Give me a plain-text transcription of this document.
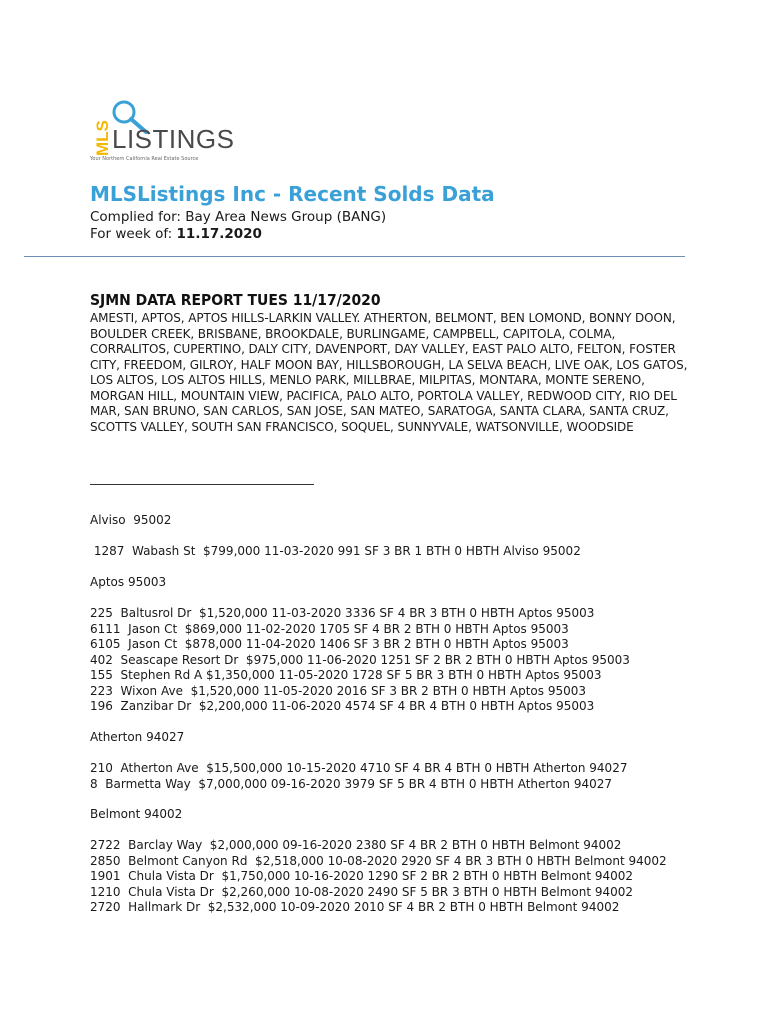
MLS LISTINGS
Your Northern California Real Estate Source
MLSListings Inc - Recent Solds Data
Complied for: Bay Area News Group (BANG)
For week of: 11.17.2020
SJMN DATA REPORT TUES 11/17/2020
AMESTI, APTOS, APTOS HILLS-LARKIN VALLEY. ATHERTON, BELMONT, BEN LOMOND, BONNY DOON, BOULDER CREEK, BRISBANE, BROOKDALE, BURLINGAME, CAMPBELL, CAPITOLA, COLMA, CORRALITOS, CUPERTINO, DALY CITY, DAVENPORT, DAY VALLEY, EAST PALO ALTO, FELTON, FOSTER CITY, FREEDOM, GILROY, HALF MOON BAY, HILLSBOROUGH, LA SELVA BEACH, LIVE OAK, LOS GATOS, LOS ALTOS, LOS ALTOS HILLS, MENLO PARK, MILLBRAE, MILPITAS, MONTARA, MONTE SERENO, MORGAN HILL, MOUNTAIN VIEW, PACIFICA, PALO ALTO, PORTOLA VALLEY, REDWOOD CITY, RIO DEL MAR, SAN BRUNO, SAN CARLOS, SAN JOSE, SAN MATEO, SARATOGA, SANTA CLARA, SANTA CRUZ, SCOTTS VALLEY, SOUTH SAN FRANCISCO, SOQUEL, SUNNYVALE, WATSONVILLE, WOODSIDE
Alviso  95002
1287  Wabash St  $799,000 11-03-2020 991 SF 3 BR 1 BTH 0 HBTH Alviso 95002
Aptos 95003
225  Baltusrol Dr  $1,520,000 11-03-2020 3336 SF 4 BR 3 BTH 0 HBTH Aptos 95003
6111  Jason Ct  $869,000 11-02-2020 1705 SF 4 BR 2 BTH 0 HBTH Aptos 95003
6105  Jason Ct  $878,000 11-04-2020 1406 SF 3 BR 2 BTH 0 HBTH Aptos 95003
402  Seascape Resort Dr  $975,000 11-06-2020 1251 SF 2 BR 2 BTH 0 HBTH Aptos 95003
155  Stephen Rd A $1,350,000 11-05-2020 1728 SF 5 BR 3 BTH 0 HBTH Aptos 95003
223  Wixon Ave  $1,520,000 11-05-2020 2016 SF 3 BR 2 BTH 0 HBTH Aptos 95003
196  Zanzibar Dr  $2,200,000 11-06-2020 4574 SF 4 BR 4 BTH 0 HBTH Aptos 95003
Atherton 94027
210  Atherton Ave  $15,500,000 10-15-2020 4710 SF 4 BR 4 BTH 0 HBTH Atherton 94027
8  Barmetta Way  $7,000,000 09-16-2020 3979 SF 5 BR 4 BTH 0 HBTH Atherton 94027
Belmont 94002
2722  Barclay Way  $2,000,000 09-16-2020 2380 SF 4 BR 2 BTH 0 HBTH Belmont 94002
2850  Belmont Canyon Rd  $2,518,000 10-08-2020 2920 SF 4 BR 3 BTH 0 HBTH Belmont 94002
1901  Chula Vista Dr  $1,750,000 10-16-2020 1290 SF 2 BR 2 BTH 0 HBTH Belmont 94002
1210  Chula Vista Dr  $2,260,000 10-08-2020 2490 SF 5 BR 3 BTH 0 HBTH Belmont 94002
2720  Hallmark Dr  $2,532,000 10-09-2020 2010 SF 4 BR 2 BTH 0 HBTH Belmont 94002
